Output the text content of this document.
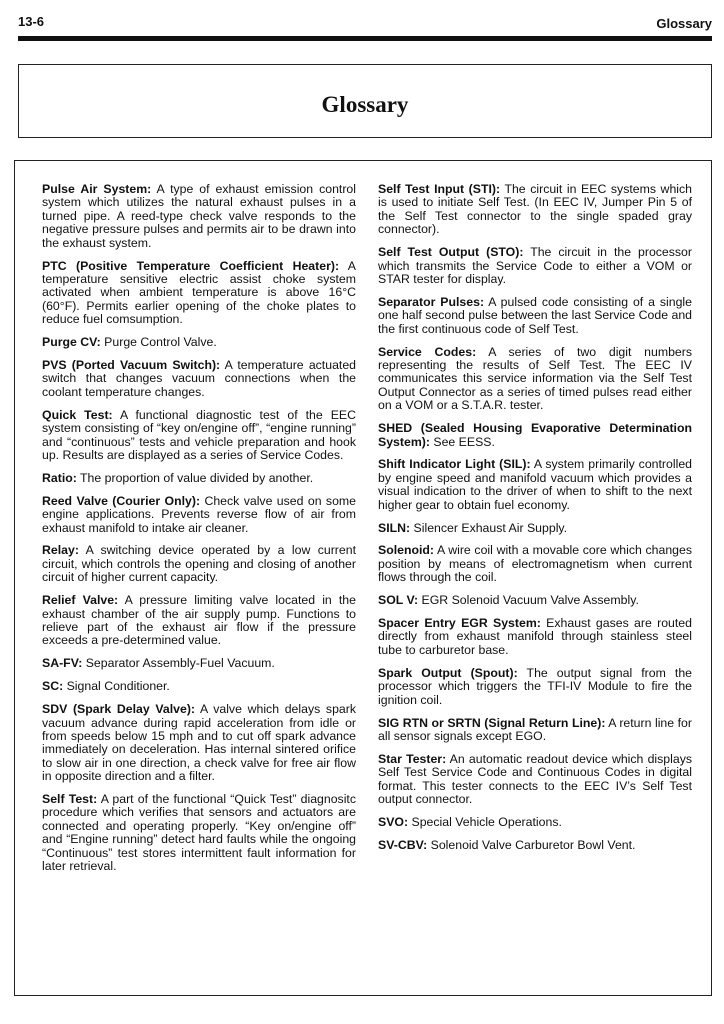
13-6	Glossary
Glossary

Pulse Air System: A type of exhaust emission control system which utilizes the natural exhaust pulses in a turned pipe. A reed-type check valve responds to the negative pressure pulses and permits air to be drawn into the exhaust system.

PTC (Positive Temperature Coefficient Heater): A temperature sensitive electric assist choke system activated when ambient temperature is above 16°C (60°F). Permits earlier opening of the choke plates to reduce fuel comsumption.

Purge CV: Purge Control Valve.

PVS (Ported Vacuum Switch): A temperature actuated switch that changes vacuum connections when the coolant temperature changes.

Quick Test: A functional diagnostic test of the EEC system consisting of “key on/engine off”, “engine running” and “continuous” tests and vehicle preparation and hook up. Results are displayed as a series of Service Codes.

Ratio: The proportion of value divided by another.

Reed Valve (Courier Only): Check valve used on some engine applications. Prevents reverse flow of air from exhaust manifold to intake air cleaner.

Relay: A switching device operated by a low current circuit, which controls the opening and closing of another circuit of higher current capacity.

Relief Valve: A pressure limiting valve located in the exhaust chamber of the air supply pump. Functions to relieve part of the exhaust air flow if the pressure exceeds a pre-determined value.

SA-FV: Separator Assembly-Fuel Vacuum.

SC: Signal Conditioner.

SDV (Spark Delay Valve): A valve which delays spark vacuum advance during rapid acceleration from idle or from speeds below 15 mph and to cut off spark advance immediately on deceleration. Has internal sintered orifice to slow air in one direction, a check valve for free air flow in opposite direction and a filter.

Self Test: A part of the functional “Quick Test” diagnositc procedure which verifies that sensors and actuators are connected and operating properly. “Key on/engine off” and “Engine running” detect hard faults while the ongoing “Continuous” test stores intermittent fault information for later retrieval.

Self Test Input (STI): The circuit in EEC systems which is used to initiate Self Test. (In EEC IV, Jumper Pin 5 of the Self Test connector to the single spaded gray connector).

Self Test Output (STO): The circuit in the processor which transmits the Service Code to either a VOM or STAR tester for display.

Separator Pulses: A pulsed code consisting of a single one half second pulse between the last Service Code and the first continuous code of Self Test.

Service Codes: A series of two digit numbers representing the results of Self Test. The EEC IV communicates this service information via the Self Test Output Connector as a series of timed pulses read either on a VOM or a S.T.A.R. tester.

SHED (Sealed Housing Evaporative Determination System): See EESS.

Shift Indicator Light (SIL): A system primarily controlled by engine speed and manifold vacuum which provides a visual indication to the driver of when to shift to the next higher gear to obtain fuel economy.

SILN: Silencer Exhaust Air Supply.

Solenoid: A wire coil with a movable core which changes position by means of electromagnetism when current flows through the coil.

SOL V: EGR Solenoid Vacuum Valve Assembly.

Spacer Entry EGR System: Exhaust gases are routed directly from exhaust manifold through stainless steel tube to carburetor base.

Spark Output (Spout): The output signal from the processor which triggers the TFI-IV Module to fire the ignition coil.

SIG RTN or SRTN (Signal Return Line): A return line for all sensor signals except EGO.

Star Tester: An automatic readout device which displays Self Test Service Code and Continuous Codes in digital format. This tester connects to the EEC IV’s Self Test output connector.

SVO: Special Vehicle Operations.

SV-CBV: Solenoid Valve Carburetor Bowl Vent.
